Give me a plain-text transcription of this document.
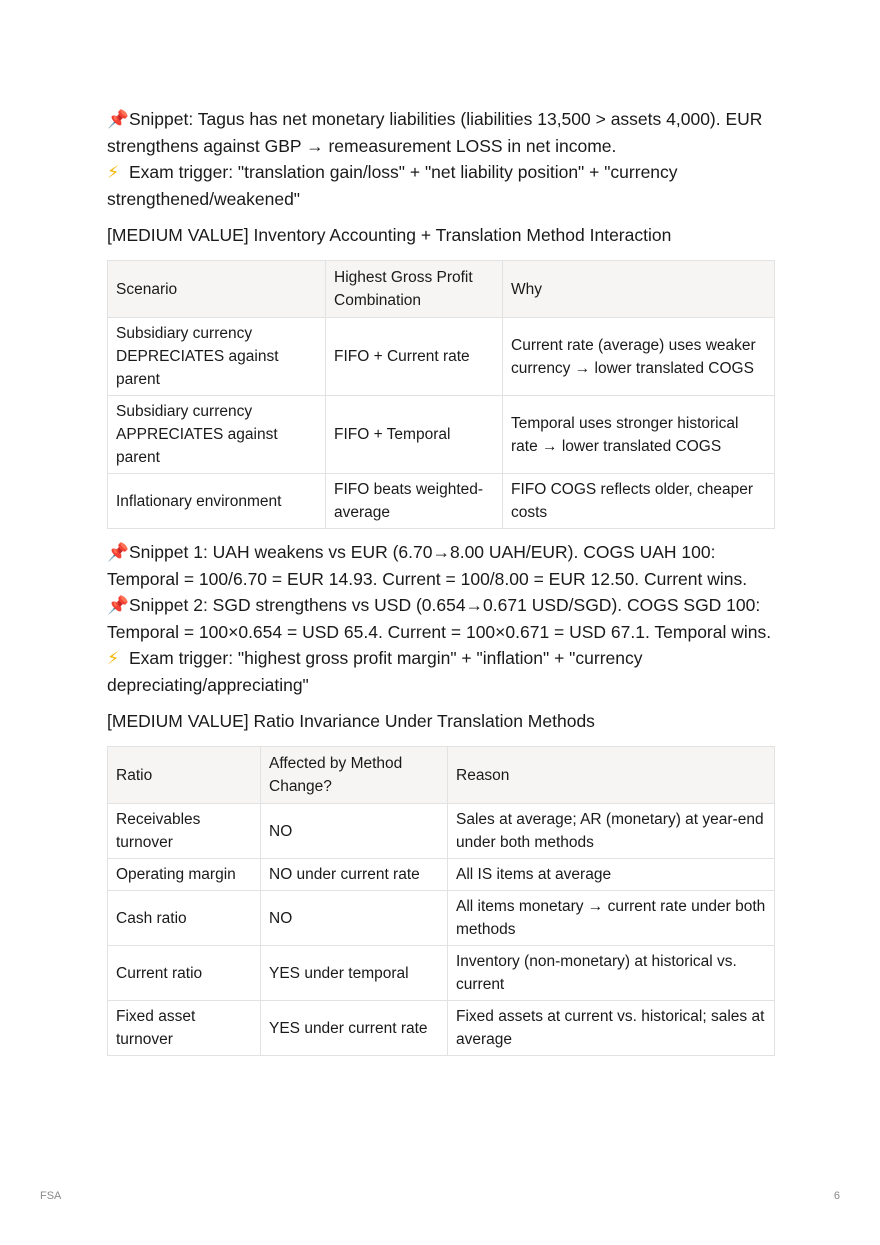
📌Snippet: Tagus has net monetary liabilities (liabilities 13,500 > assets 4,000). EUR strengthens against GBP → remeasurement LOSS in net income.

⚡ Exam trigger: "translation gain/loss" + "net liability position" + "currency strengthened/weakened"

[MEDIUM VALUE] Inventory Accounting + Translation Method Interaction

Scenario	Highest Gross Profit Combination	Why
Subsidiary currency DEPRECIATES against parent	FIFO + Current rate	Current rate (average) uses weaker currency → lower translated COGS
Subsidiary currency APPRECIATES against parent	FIFO + Temporal	Temporal uses stronger historical rate → lower translated COGS
Inflationary environment	FIFO beats weighted-average	FIFO COGS reflects older, cheaper costs

📌Snippet 1: UAH weakens vs EUR (6.70→8.00 UAH/EUR). COGS UAH 100: Temporal = 100/6.70 = EUR 14.93. Current = 100/8.00 = EUR 12.50. Current wins.

📌Snippet 2: SGD strengthens vs USD (0.654→0.671 USD/SGD). COGS SGD 100: Temporal = 100×0.654 = USD 65.4. Current = 100×0.671 = USD 67.1. Temporal wins.

⚡ Exam trigger: "highest gross profit margin" + "inflation" + "currency depreciating/appreciating"

[MEDIUM VALUE] Ratio Invariance Under Translation Methods

Ratio	Affected by Method Change?	Reason
Receivables turnover	NO	Sales at average; AR (monetary) at year-end under both methods
Operating margin	NO under current rate	All IS items at average
Cash ratio	NO	All items monetary → current rate under both methods
Current ratio	YES under temporal	Inventory (non-monetary) at historical vs. current
Fixed asset turnover	YES under current rate	Fixed assets at current vs. historical; sales at average
FSA	6
